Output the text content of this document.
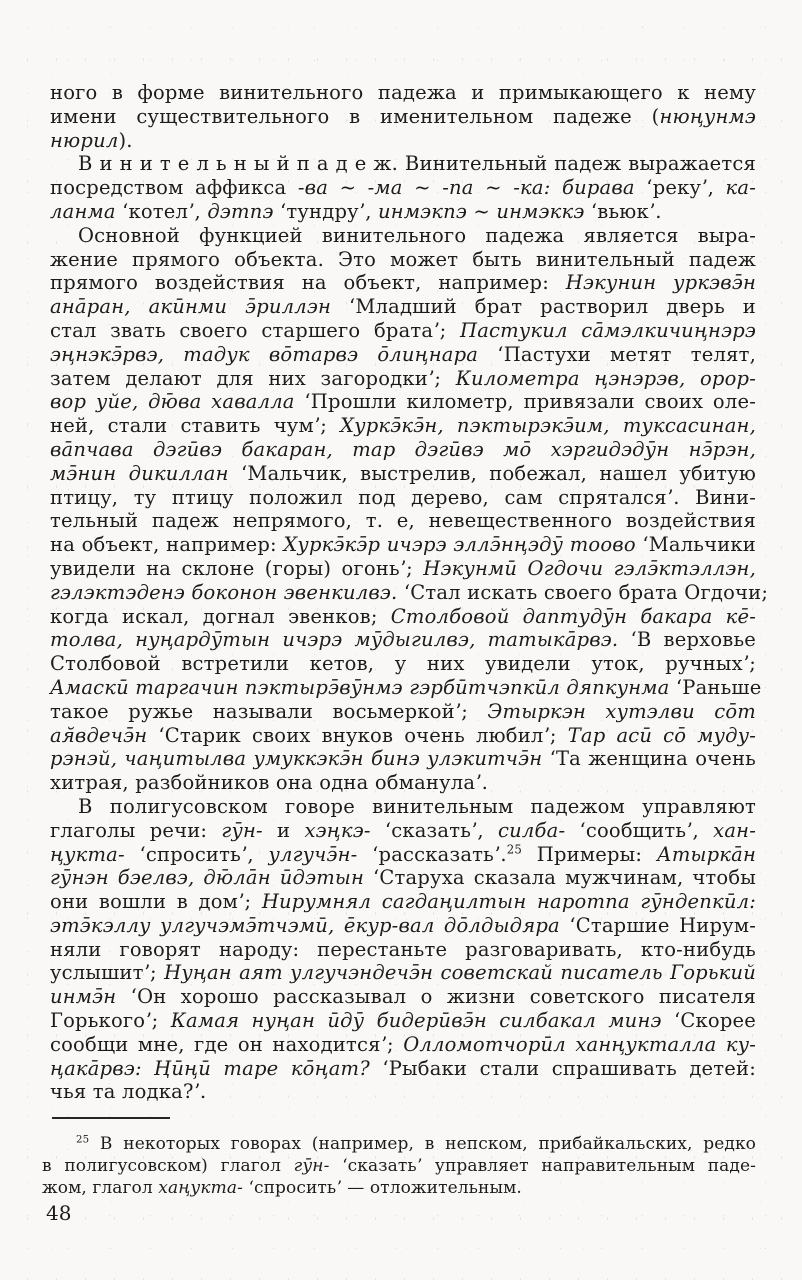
ного в форме винительного падежа и примыкающего к нему
имени существительного в именительном падеже (нюңунмэ
нюрил).
В и н и т е л ь н ы й п а д е ж. Винительный падеж выражается
посредством аффикса -ва ~ -ма ~ -па ~ -ка: бирава ʻрекуʼ, ка-
ланма ʻкотелʼ, дэтпэ ʻтундруʼ, инмэкпэ ~ инмэккэ ʻвьюкʼ.
Основной функцией винительного падежа является выра-
жение прямого объекта. Это может быть винительный падеж
прямого воздействия на объект, например: Нэкунин уркэвэ̄н
ана̄ран, акӣнми э̄риллэн ʻМладший брат растворил дверь и
стал звать своего старшего братаʼ; Пастукил са̄мэлкичиңнэрэ
эңнэкэ̄рвэ, тадук во̄тарвэ о̄лиңнара ʻПастухи метят телят,
затем делают для них загородкиʼ; Километра ңэнэрэв, орор-
вор уйе, дю̄ва хавалла ʻПрошли километр, привязали своих оле-
ней, стали ставить чумʼ; Хуркэ̄кэ̄н, пэктырэкэ̄им, туксасинан,
ва̄пчава дэгӣвэ бакаран, тар дэгӣвэ мо̄ хэргидэдӯн нэ̄рэн,
мэ̄нин дикиллан ʻМальчик, выстрелив, побежал, нашел убитую
птицу, ту птицу положил под дерево, сам спряталсяʼ. Вини-
тельный падеж непрямого, т. е, невещественного воздействия
на объект, например: Хуркэ̄кэ̄р ичэрэ эллэ̄нңэдӯ тоово ʻМальчики
увидели на склоне (горы) огоньʼ; Нэкунмӣ Огдочи гэлэ̄ктэллэн,
гэлэктэденэ боконон эвенкилвэ. ʻСтал искать своего брата Огдочи;
когда искал, догнал эвенков; Столбовой даптудӯн бакара ке̄-
толва, нуңардӯтын ичэрэ мӯдыгилвэ, татыка̄рвэ. ʻВ верховье
Столбовой встретили кетов, у них увидели уток, ручныхʼ;
Амаскӣ таргачин пэктырэ̄вӯнмэ гэрбӣтчэпкӣл дяпкунма ʻРаньше
такое ружье называли восьмеркойʼ; Этыркэн хутэлви со̄т
ая̆вдечэ̄н ʻСтарик своих внуков очень любилʼ; Тар асӣ со̄ муду-
рэнэй, чаңитылва умуккэкэ̄н бинэ улэкитчэ̄н ʻТа женщина очень
хитрая, разбойников она одна обманулаʼ.
В полигусовском говоре винительным падежом управляют
глаголы речи: гӯн- и хэңкэ- ʻсказатьʼ, силба- ʻсообщитьʼ, хан-
ңукта- ʻспроситьʼ, улгучэ̄н- ʻрассказатьʼ.$^{25}$ Примеры: Атырка̄н
гӯнэн бэелвэ, дю̄ла̄н ӣдэтын ʻСтаруха сказала мужчинам, чтобы
они вошли в домʼ; Нирумнял сагдаңилтын наротпа гӯндепкӣл:
этэ̄кэллу улгучэмэ̄тчэмӣ, е̄кур-вал до̄лдыдяра ʻСтаршие Нирум-
няли говорят народу: перестаньте разговаривать, кто-нибудь
услышитʼ; Нуңан аят улгучэндечэ̄н советскай писатель Горький
инмэ̄н ʻОн хорошо рассказывал о жизни советского писателя
Горькогоʼ; Камая нуңан ӣдӯ бидерӣвэ̄н силбакал минэ ʻСкорее
сообщи мне, где он находитсяʼ; Олломотчорӣл ханңукталла ку-
ңака̄рвэ: Ңӣңӣ таре ко̄ңат? ʻРыбаки стали спрашивать детей:
чья та лодка?ʼ.
$^{25}$ В некоторых говорах (например, в непском, прибайкальских, редко
в полигусовском) глагол гӯн- ʻсказатьʼ управляет направительным паде-
жом, глагол хаңукта- ʻспроситьʼ — отложительным.
48
